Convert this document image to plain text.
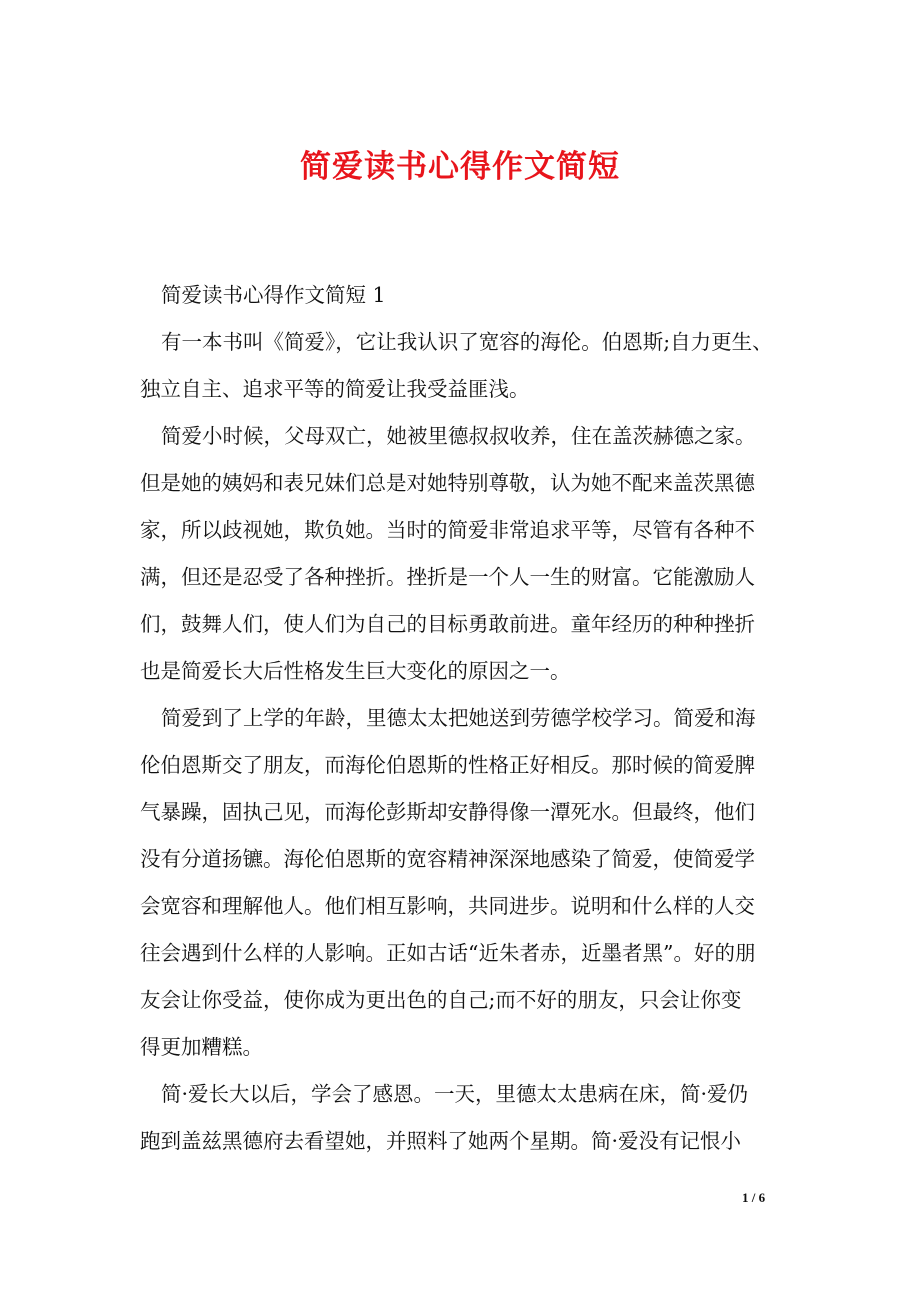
简爱读书心得作文简短

简爱读书心得作文简短 1

有一本书叫《简爱》，它让我认识了宽容的海伦。伯恩斯;自力更生、

独立自主、追求平等的简爱让我受益匪浅。

简爱小时候，父母双亡，她被里德叔叔收养，住在盖茨赫德之家。

但是她的姨妈和表兄妹们总是对她特别尊敬，认为她不配来盖茨黑德
家，所以歧视她，欺负她。当时的简爱非常追求平等，尽管有各种不
满，但还是忍受了各种挫折。挫折是一个人一生的财富。它能激励人
们，鼓舞人们，使人们为自己的目标勇敢前进。童年经历的种种挫折
也是简爱长大后性格发生巨大变化的原因之一。

简爱到了上学的年龄，里德太太把她送到劳德学校学习。简爱和海

伦伯恩斯交了朋友，而海伦伯恩斯的性格正好相反。那时候的简爱脾
气暴躁，固执己见，而海伦彭斯却安静得像一潭死水。但最终，他们
没有分道扬镳。海伦伯恩斯的宽容精神深深地感染了简爱，使简爱学
会宽容和理解他人。他们相互影响，共同进步。说明和什么样的人交
往会遇到什么样的人影响。正如古话“近朱者赤，近墨者黑”。好的朋
友会让你受益，使你成为更出色的自己;而不好的朋友，只会让你变
得更加糟糕。

简·爱长大以后，学会了感恩。一天，里德太太患病在床，简·爱仍

跑到盖兹黑德府去看望她，并照料了她两个星期。简·爱没有记恨小

1 / 6
